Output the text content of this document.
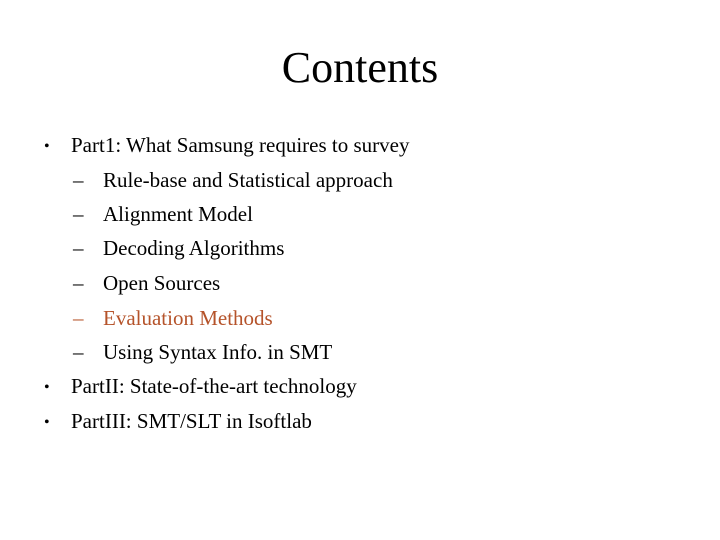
Contents
• Part1: What Samsung requires to survey
– Rule-base and Statistical approach
– Alignment Model
– Decoding Algorithms
– Open Sources
– Evaluation Methods
– Using Syntax Info. in SMT
• PartII: State-of-the-art technology
• PartIII: SMT/SLT in Isoftlab
